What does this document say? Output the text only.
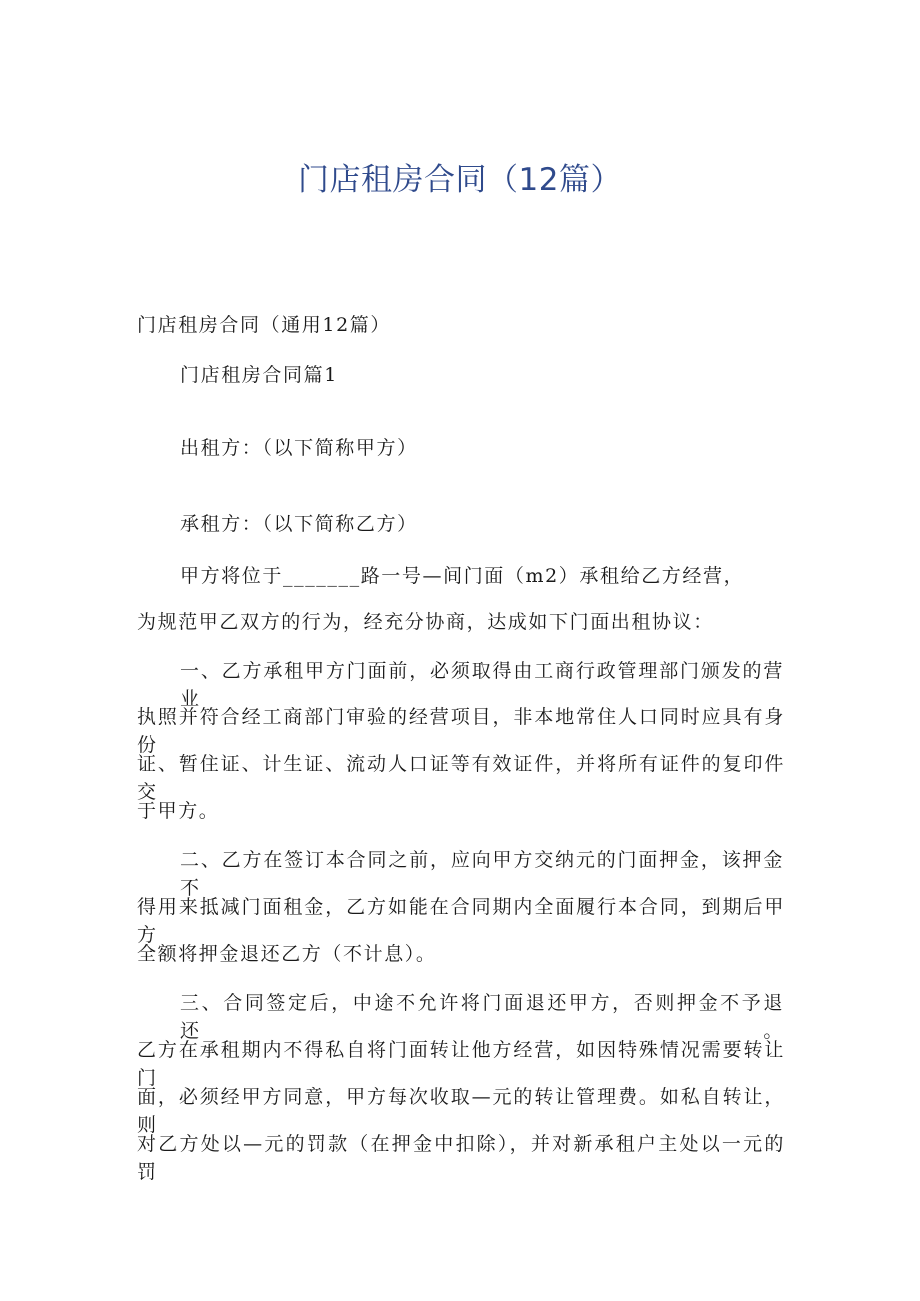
门店租房合同（12篇）
门店租房合同（通用12篇）
门店租房合同篇1
出租方：（以下简称甲方）
承租方：（以下简称乙方）
甲方将位于_______路一号—间门面（m2）承租给乙方经营，
为规范甲乙双方的行为，经充分协商，达成如下门面出租协议：
一、乙方承租甲方门面前，必须取得由工商行政管理部门颁发的营业
执照并符合经工商部门审验的经营项目，非本地常住人口同时应具有身份
证、暂住证、计生证、流动人口证等有效证件，并将所有证件的复印件交
于甲方。
二、乙方在签订本合同之前，应向甲方交纳元的门面押金，该押金不
得用来抵减门面租金，乙方如能在合同期内全面履行本合同，到期后甲方
全额将押金退还乙方（不计息）。
三、合同签定后，中途不允许将门面退还甲方，否则押金不予退还。
乙方在承租期内不得私自将门面转让他方经营，如因特殊情况需要转让门
面，必须经甲方同意，甲方每次收取—元的转让管理费。如私自转让，则
对乙方处以—元的罚款（在押金中扣除），并对新承租户主处以一元的罚
